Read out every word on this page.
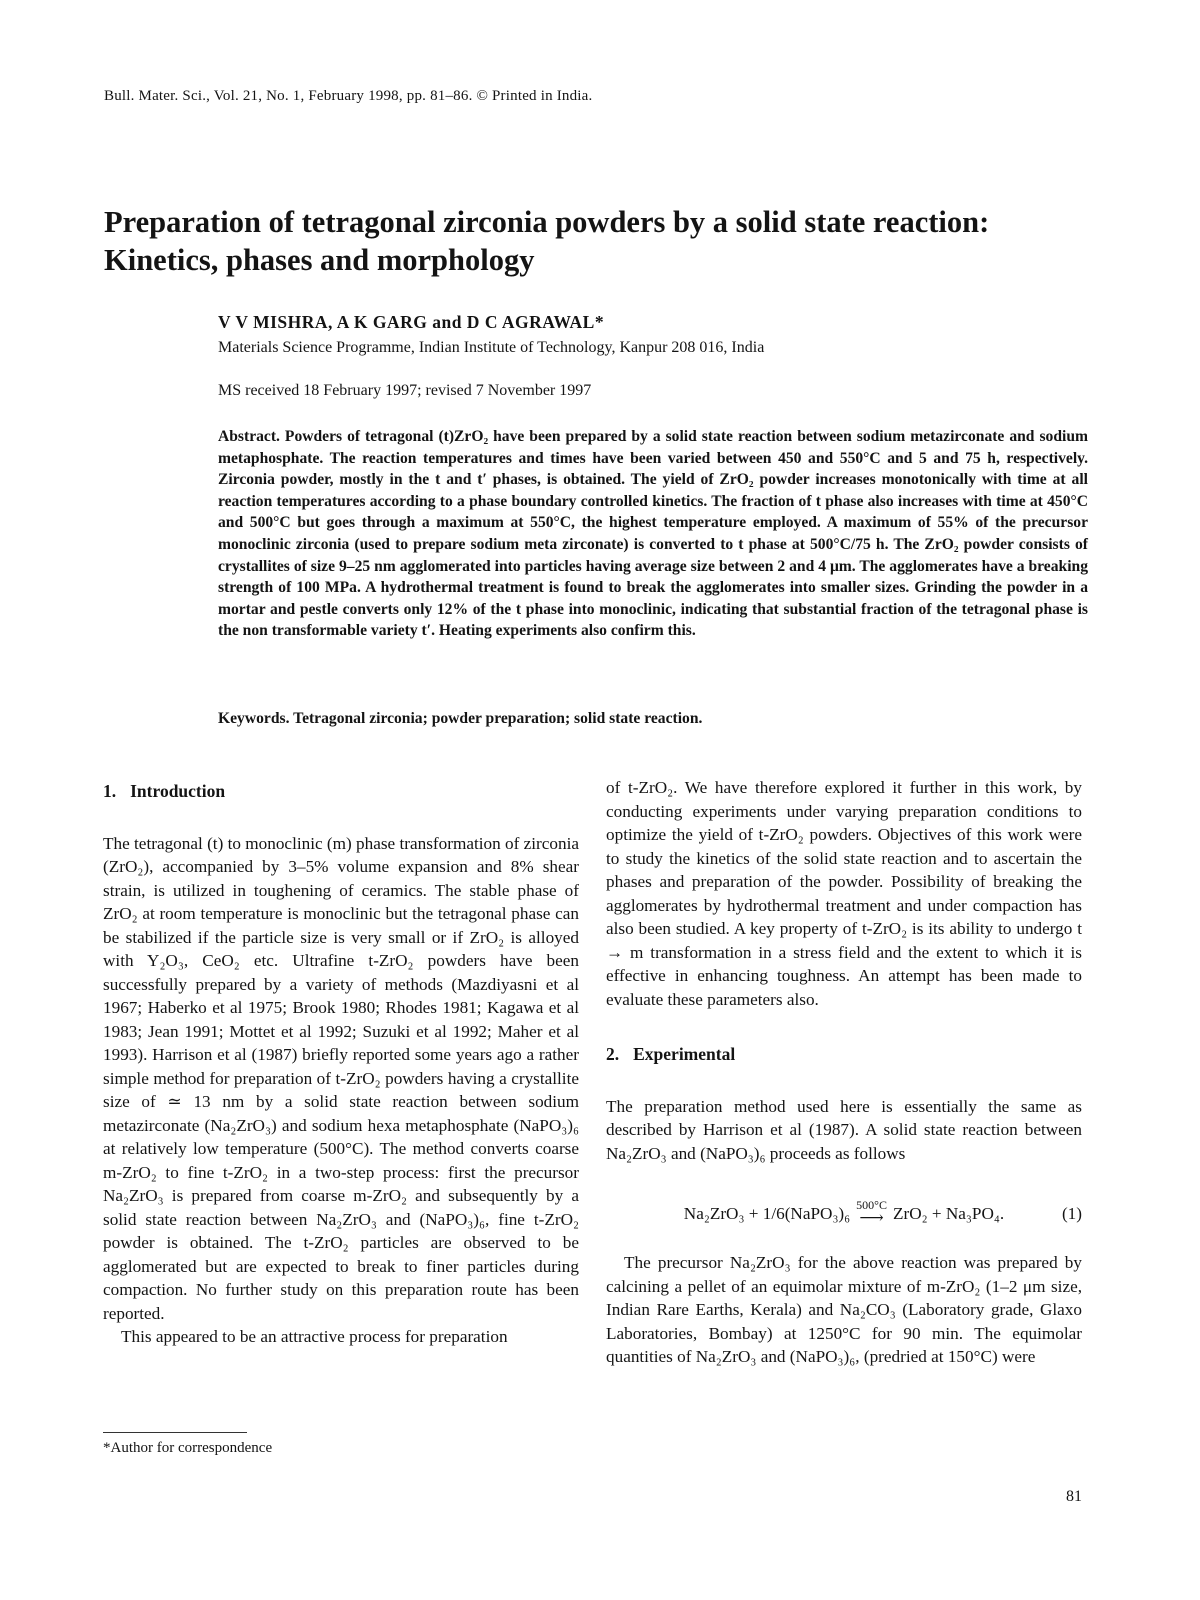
Bull. Mater. Sci., Vol. 21, No. 1, February 1998, pp. 81–86. © Printed in India.
Preparation of tetragonal zirconia powders by a solid state reaction:
Kinetics, phases and morphology
V V MISHRA, A K GARG and D C AGRAWAL*
Materials Science Programme, Indian Institute of Technology, Kanpur 208 016, India
MS received 18 February 1997; revised 7 November 1997
Abstract. Powders of tetragonal (t)ZrO₂ have been prepared by a solid state reaction between sodium metazirconate and sodium metaphosphate. The reaction temperatures and times have been varied between 450 and 550°C and 5 and 75 h, respectively. Zirconia powder, mostly in the t and t′ phases, is obtained. The yield of ZrO₂ powder increases monotonically with time at all reaction temperatures according to a phase boundary controlled kinetics. The fraction of t phase also increases with time at 450°C and 500°C but goes through a maximum at 550°C, the highest temperature employed. A maximum of 55% of the precursor monoclinic zirconia (used to prepare sodium meta zirconate) is converted to t phase at 500°C/75 h. The ZrO₂ powder consists of crystallites of size 9–25 nm agglomerated into particles having average size between 2 and 4 μm. The agglomerates have a breaking strength of 100 MPa. A hydrothermal treatment is found to break the agglomerates into smaller sizes. Grinding the powder in a mortar and pestle converts only 12% of the t phase into monoclinic, indicating that substantial fraction of the tetragonal phase is the non transformable variety t′. Heating experiments also confirm this.
Keywords. Tetragonal zirconia; powder preparation; solid state reaction.
1. Introduction

The tetragonal (t) to monoclinic (m) phase transformation of zirconia (ZrO₂), accompanied by 3–5% volume expansion and 8% shear strain, is utilized in toughening of ceramics. The stable phase of ZrO₂ at room temperature is monoclinic but the tetragonal phase can be stabilized if the particle size is very small or if ZrO₂ is alloyed with Y₂O₃, CeO₂ etc. Ultrafine t-ZrO₂ powders have been successfully prepared by a variety of methods (Mazdiyasni et al 1967; Haberko et al 1975; Brook 1980; Rhodes 1981; Kagawa et al 1983; Jean 1991; Mottet et al 1992; Suzuki et al 1992; Maher et al 1993). Harrison et al (1987) briefly reported some years ago a rather simple method for preparation of t-ZrO₂ powders having a crystallite size of ≃ 13 nm by a solid state reaction between sodium metazirconate (Na₂ZrO₃) and sodium hexa metaphosphate (NaPO₃)₆ at relatively low temperature (500°C). The method converts coarse m-ZrO₂ to fine t-ZrO₂ in a two-step process: first the precursor Na₂ZrO₃ is prepared from coarse m-ZrO₂ and subsequently by a solid state reaction between Na₂ZrO₃ and (NaPO₃)₆, fine t-ZrO₂ powder is obtained. The t-ZrO₂ particles are observed to be agglomerated but are expected to break to finer particles during compaction. No further study on this preparation route has been reported.

This appeared to be an attractive process for preparation

of t-ZrO₂. We have therefore explored it further in this work, by conducting experiments under varying preparation conditions to optimize the yield of t-ZrO₂ powders. Objectives of this work were to study the kinetics of the solid state reaction and to ascertain the phases and preparation of the powder. Possibility of breaking the agglomerates by hydrothermal treatment and under compaction has also been studied. A key property of t-ZrO₂ is its ability to undergo t → m transformation in a stress field and the extent to which it is effective in enhancing toughness. An attempt has been made to evaluate these parameters also.

2. Experimental

The preparation method used here is essentially the same as described by Harrison et al (1987). A solid state reaction between Na₂ZrO₃ and (NaPO₃)₆ proceeds as follows

Na₂ZrO₃ + 1/6(NaPO₃)₆ 500°C
⟶ ZrO₂ + Na₃PO₄.	(1)

The precursor Na₂ZrO₃ for the above reaction was prepared by calcining a pellet of an equimolar mixture of m-ZrO₂ (1–2 μm size, Indian Rare Earths, Kerala) and Na₂CO₃ (Laboratory grade, Glaxo Laboratories, Bombay) at 1250°C for 90 min. The equimolar quantities of Na₂ZrO₃ and (NaPO₃)₆, (predried at 150°C) were

*Author for correspondence
81
